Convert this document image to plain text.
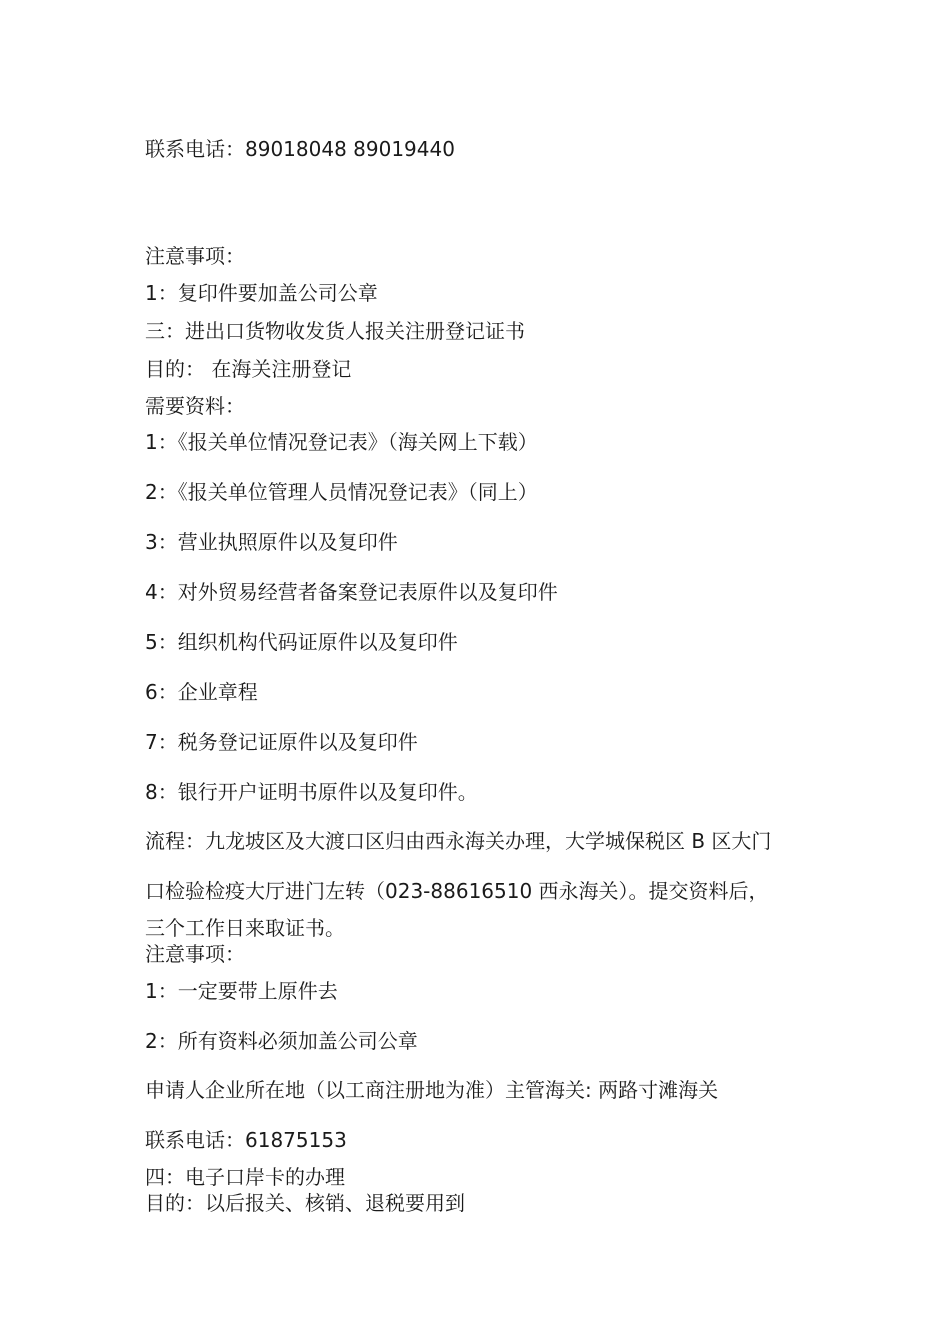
联系电话：89018048 89019440
注意事项：
1：复印件要加盖公司公章
三：进出口货物收发货人报关注册登记证书
目的： 在海关注册登记
需要资料：
1：《报关单位情况登记表》（海关网上下载）
2：《报关单位管理人员情况登记表》（同上）
3：营业执照原件以及复印件
4：对外贸易经营者备案登记表原件以及复印件
5：组织机构代码证原件以及复印件
6：企业章程
7：税务登记证原件以及复印件
8：银行开户证明书原件以及复印件。
流程：九龙坡区及大渡口区归由西永海关办理，大学城保税区 B 区大门
口检验检疫大厅进门左转（023-88616510 西永海关）。提交资料后，
三个工作日来取证书。
注意事项：
1：一定要带上原件去
2：所有资料必须加盖公司公章
申请人企业所在地（以工商注册地为准）主管海关: 两路寸滩海关
联系电话：61875153
四：电子口岸卡的办理
目的：以后报关、核销、退税要用到
